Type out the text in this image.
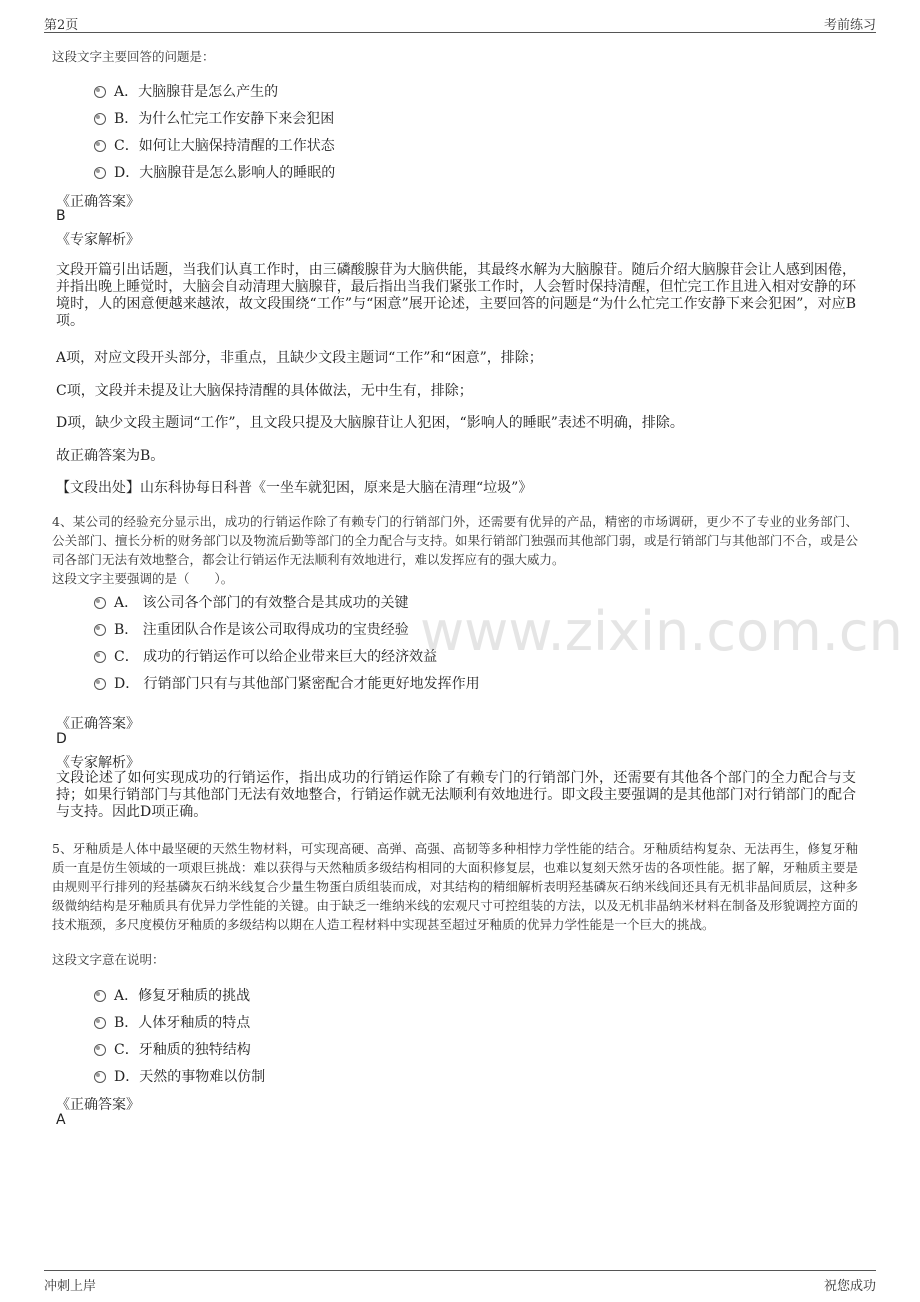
第2页	考前练习
www.zixin.com.cn
这段文字主要回答的问题是：
A．大脑腺苷是怎么产生的
B．为什么忙完工作安静下来会犯困
C．如何让大脑保持清醒的工作状态
D．大脑腺苷是怎么影响人的睡眠的
《正确答案》
B
《专家解析》
文段开篇引出话题，当我们认真工作时，由三磷酸腺苷为大脑供能，其最终水解为大脑腺苷。随后介绍大脑腺苷会让人感到困倦，并指出晚上睡觉时，大脑会自动清理大脑腺苷，最后指出当我们紧张工作时，人会暂时保持清醒，但忙完工作且进入相对安静的环境时，人的困意便越来越浓，故文段围绕“工作”与“困意”展开论述，主要回答的问题是“为什么忙完工作安静下来会犯困”，对应B项。
A项，对应文段开头部分，非重点，且缺少文段主题词“工作”和“困意”，排除；
C项，文段并未提及让大脑保持清醒的具体做法，无中生有，排除；
D项，缺少文段主题词“工作”，且文段只提及大脑腺苷让人犯困，“影响人的睡眠”表述不明确，排除。
故正确答案为B。
【文段出处】山东科协每日科普《一坐车就犯困，原来是大脑在清理“垃圾”》
4、某公司的经验充分显示出，成功的行销运作除了有赖专门的行销部门外，还需要有优异的产品，精密的市场调研，更少不了专业的业务部门、公关部门、擅长分析的财务部门以及物流后勤等部门的全力配合与支持。如果行销部门独强而其他部门弱，或是行销部门与其他部门不合，或是公司各部门无法有效地整合，都会让行销运作无法顺利有效地进行，难以发挥应有的强大威力。
这段文字主要强调的是（　　）。
A． 该公司各个部门的有效整合是其成功的关键
B． 注重团队合作是该公司取得成功的宝贵经验
C． 成功的行销运作可以给企业带来巨大的经济效益
D． 行销部门只有与其他部门紧密配合才能更好地发挥作用
《正确答案》
D
《专家解析》
文段论述了如何实现成功的行销运作，指出成功的行销运作除了有赖专门的行销部门外，还需要有其他各个部门的全力配合与支持；如果行销部门与其他部门无法有效地整合，行销运作就无法顺利有效地进行。即文段主要强调的是其他部门对行销部门的配合与支持。因此D项正确。
5、牙釉质是人体中最坚硬的天然生物材料，可实现高硬、高弹、高强、高韧等多种相悖力学性能的结合。牙釉质结构复杂、无法再生，修复牙釉质一直是仿生领域的一项艰巨挑战：难以获得与天然釉质多级结构相同的大面积修复层，也难以复刻天然牙齿的各项性能。据了解，牙釉质主要是由规则平行排列的羟基磷灰石纳米线复合少量生物蛋白质组装而成，对其结构的精细解析表明羟基磷灰石纳米线间还具有无机非晶间质层，这种多级微纳结构是牙釉质具有优异力学性能的关键。由于缺乏一维纳米线的宏观尺寸可控组装的方法，以及无机非晶纳米材料在制备及形貌调控方面的技术瓶颈，多尺度模仿牙釉质的多级结构以期在人造工程材料中实现甚至超过牙釉质的优异力学性能是一个巨大的挑战。
这段文字意在说明：
A．修复牙釉质的挑战
B．人体牙釉质的特点
C．牙釉质的独特结构
D．天然的事物难以仿制
《正确答案》
A
冲刺上岸	祝您成功
